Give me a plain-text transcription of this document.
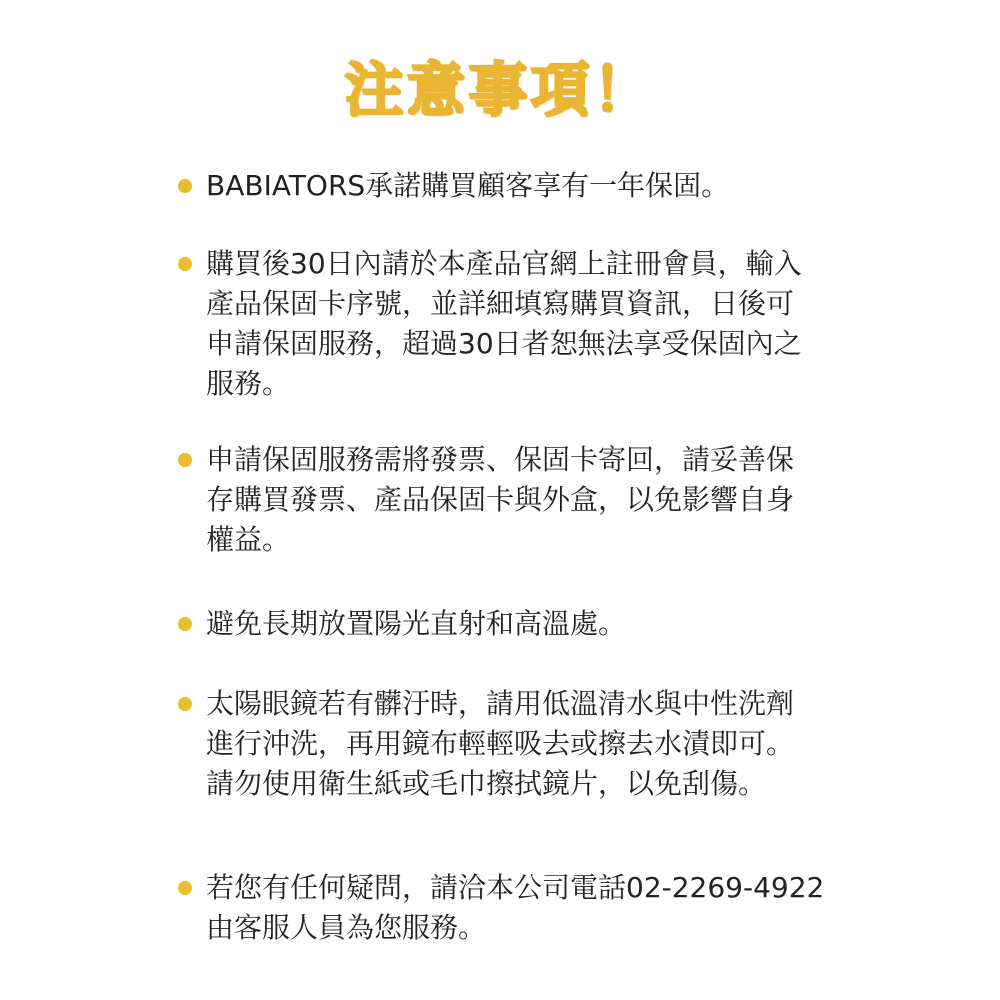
注意事項！
BABIATORS承諾購買顧客享有一年保固。
購買後30日內請於本產品官網上註冊會員，輸入
產品保固卡序號，並詳細填寫購買資訊，日後可
申請保固服務，超過30日者恕無法享受保固內之
服務。
申請保固服務需將發票、保固卡寄回，請妥善保
存購買發票、產品保固卡與外盒，以免影響自身
權益。
避免長期放置陽光直射和高溫處。
太陽眼鏡若有髒汙時，請用低溫清水與中性洗劑
進行沖洗，再用鏡布輕輕吸去或擦去水漬即可。
請勿使用衛生紙或毛巾擦拭鏡片，以免刮傷。
若您有任何疑問，請洽本公司電話02-2269-4922
由客服人員為您服務。
